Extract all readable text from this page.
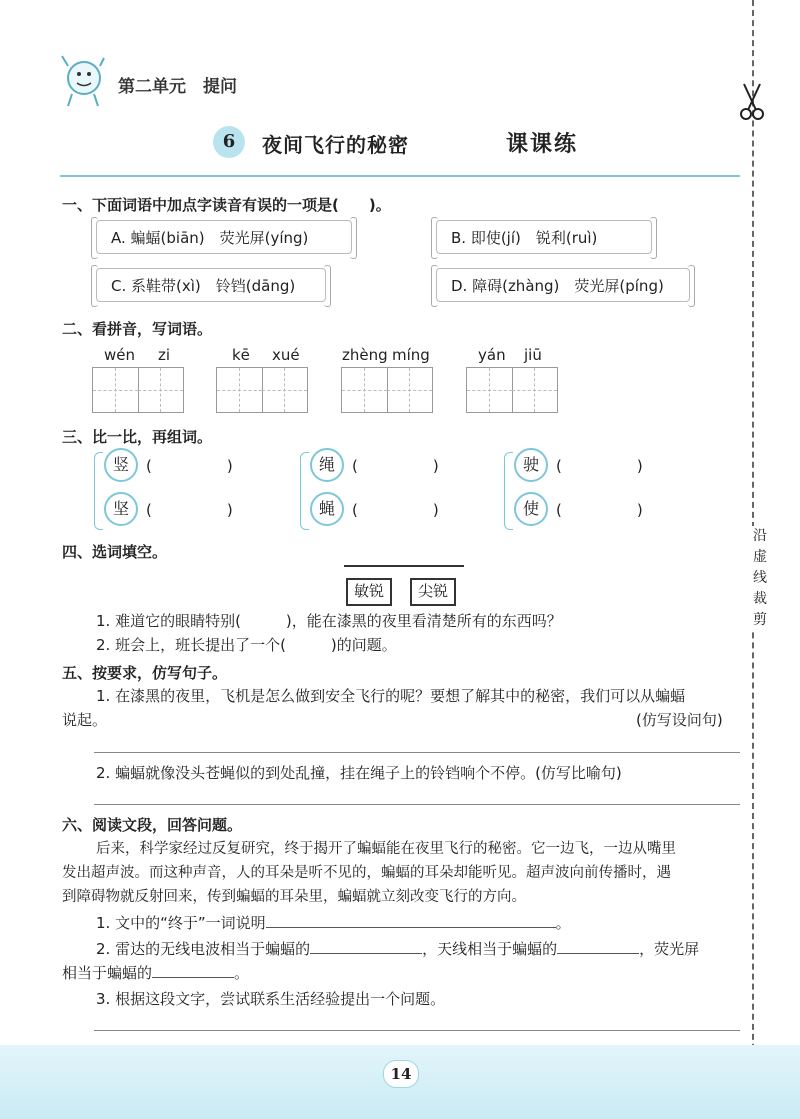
第二单元　提问
6	夜间飞行的秘密	课课练
沿虚线裁剪
一、下面词语中加点字读音有误的一项是(　　)。
A. 蝙蝠(biān)　荧光屏(yíng)	B. 即使(jí)　锐利(ruì)
C. 系鞋带(xì)　铃铛(dāng)	D. 障碍(zhàng)　荧光屏(píng)
二、看拼音，写词语。
wén zi	kē xué	zhèng míng	yán jiū
三、比一比，再组词。
竖	(　　　　　)
坚	(　　　　　)
绳	(　　　　　)
蝇	(　　　　　)
驶	(　　　　　)
使	(　　　　　)
四、选词填空。
敏锐	尖锐
1. 难道它的眼睛特别(　　　)，能在漆黑的夜里看清楚所有的东西吗？
2. 班会上，班长提出了一个(　　　)的问题。
五、按要求，仿写句子。
1. 在漆黑的夜里，飞机是怎么做到安全飞行的呢？要想了解其中的秘密，我们可以从蝙蝠
说起。	(仿写设问句)
2. 蝙蝠就像没头苍蝇似的到处乱撞，挂在绳子上的铃铛响个不停。(仿写比喻句)
六、阅读文段，回答问题。
后来，科学家经过反复研究，终于揭开了蝙蝠能在夜里飞行的秘密。它一边飞，一边从嘴里
发出超声波。而这种声音，人的耳朵是听不见的，蝙蝠的耳朵却能听见。超声波向前传播时，遇
到障碍物就反射回来，传到蝙蝠的耳朵里，蝙蝠就立刻改变飞行的方向。
1. 文中的“终于”一词说明	。
2. 雷达的无线电波相当于蝙蝠的	，天线相当于蝙蝠的	，荧光屏
相当于蝙蝠的	。
3. 根据这段文字，尝试联系生活经验提出一个问题。
14
